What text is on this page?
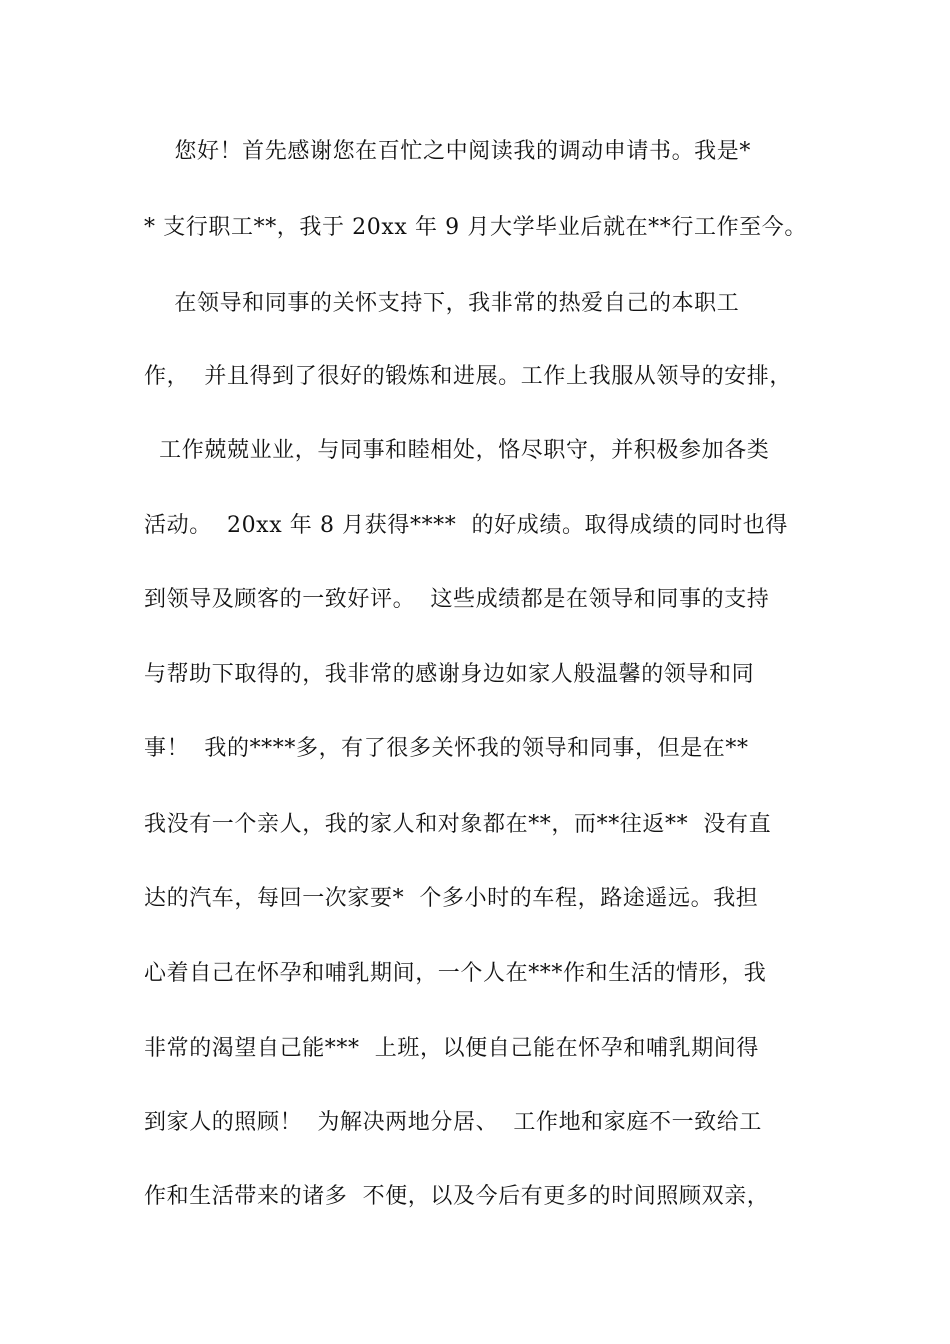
您好！首先感谢您在百忙之中阅读我的调动申请书。我是*
* 支行职工**，我于 20xx 年 9 月大学毕业后就在**行工作至今。
在领导和同事的关怀支持下，我非常的热爱自己的本职工
作，  并且得到了很好的锻炼和进展。工作上我服从领导的安排，
工作兢兢业业，与同事和睦相处，恪尽职守，并积极参加各类
活动。  20xx 年 8 月获得****  的好成绩。取得成绩的同时也得
到领导及顾客的一致好评。  这些成绩都是在领导和同事的支持
与帮助下取得的，我非常的感谢身边如家人般温馨的领导和同
事！  我的****多，有了很多关怀我的领导和同事，但是在**
我没有一个亲人，我的家人和对象都在**，而**往返**  没有直
达的汽车，每回一次家要*  个多小时的车程，路途遥远。我担
心着自己在怀孕和哺乳期间，一个人在***作和生活的情形，我
非常的渴望自己能***  上班，以便自己能在怀孕和哺乳期间得
到家人的照顾！  为解决两地分居、  工作地和家庭不一致给工
作和生活带来的诸多  不便，以及今后有更多的时间照顾双亲，
